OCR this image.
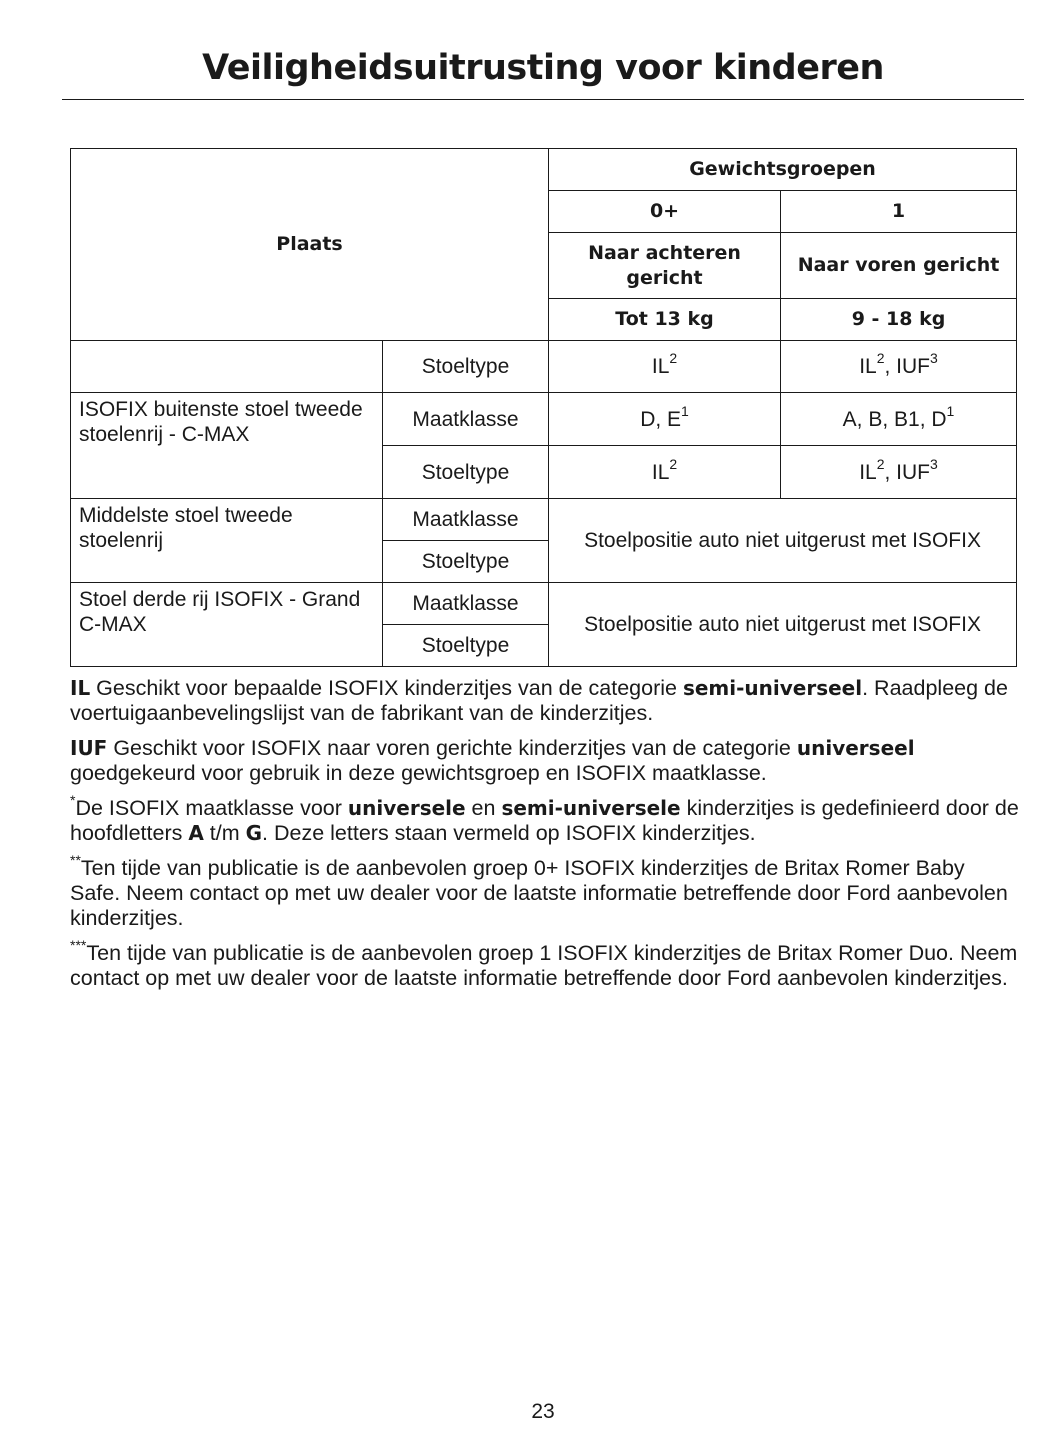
Veiligheidsuitrusting voor kinderen
Plaats		Gewichtsgroepen	
		0+	1
		Naar achteren gericht	Naar voren gericht
		Tot 13 kg	9 - 18 kg
	Stoeltype	$IL^2$	$IL^2$, IUF$^3$
ISOFIX buitenste stoel tweede stoelenrij - C-MAX	Maatklasse	D, $E^1$	A, B, B1, $D^1$
	Stoeltype	$IL^2$	$IL^2$, IUF$^3$
Middelste stoel tweede stoelenrij	Maatklasse	Stoelpositie auto niet uitgerust met ISOFIX	
	Stoeltype		
Stoel derde rij ISOFIX - Grand C-MAX	Maatklasse	Stoelpositie auto niet uitgerust met ISOFIX	
	Stoeltype		

IL Geschikt voor bepaalde ISOFIX kinderzitjes van de categorie semi-universeel. Raadpleeg de voertuigaanbevelingslijst van de fabrikant van de kinderzitjes.

IUF Geschikt voor ISOFIX naar voren gerichte kinderzitjes van de categorie universeel goedgekeurd voor gebruik in deze gewichtsgroep en ISOFIX maatklasse.

*De ISOFIX maatklasse voor universele en semi-universele kinderzitjes is gedefinieerd door de hoofdletters A t/m G. Deze letters staan vermeld op ISOFIX kinderzitjes.

**Ten tijde van publicatie is de aanbevolen groep 0+ ISOFIX kinderzitjes de Britax Romer Baby Safe. Neem contact op met uw dealer voor de laatste informatie betreffende door Ford aanbevolen kinderzitjes.

***Ten tijde van publicatie is de aanbevolen groep 1 ISOFIX kinderzitjes de Britax Romer Duo. Neem contact op met uw dealer voor de laatste informatie betreffende door Ford aanbevolen kinderzitjes.

23
